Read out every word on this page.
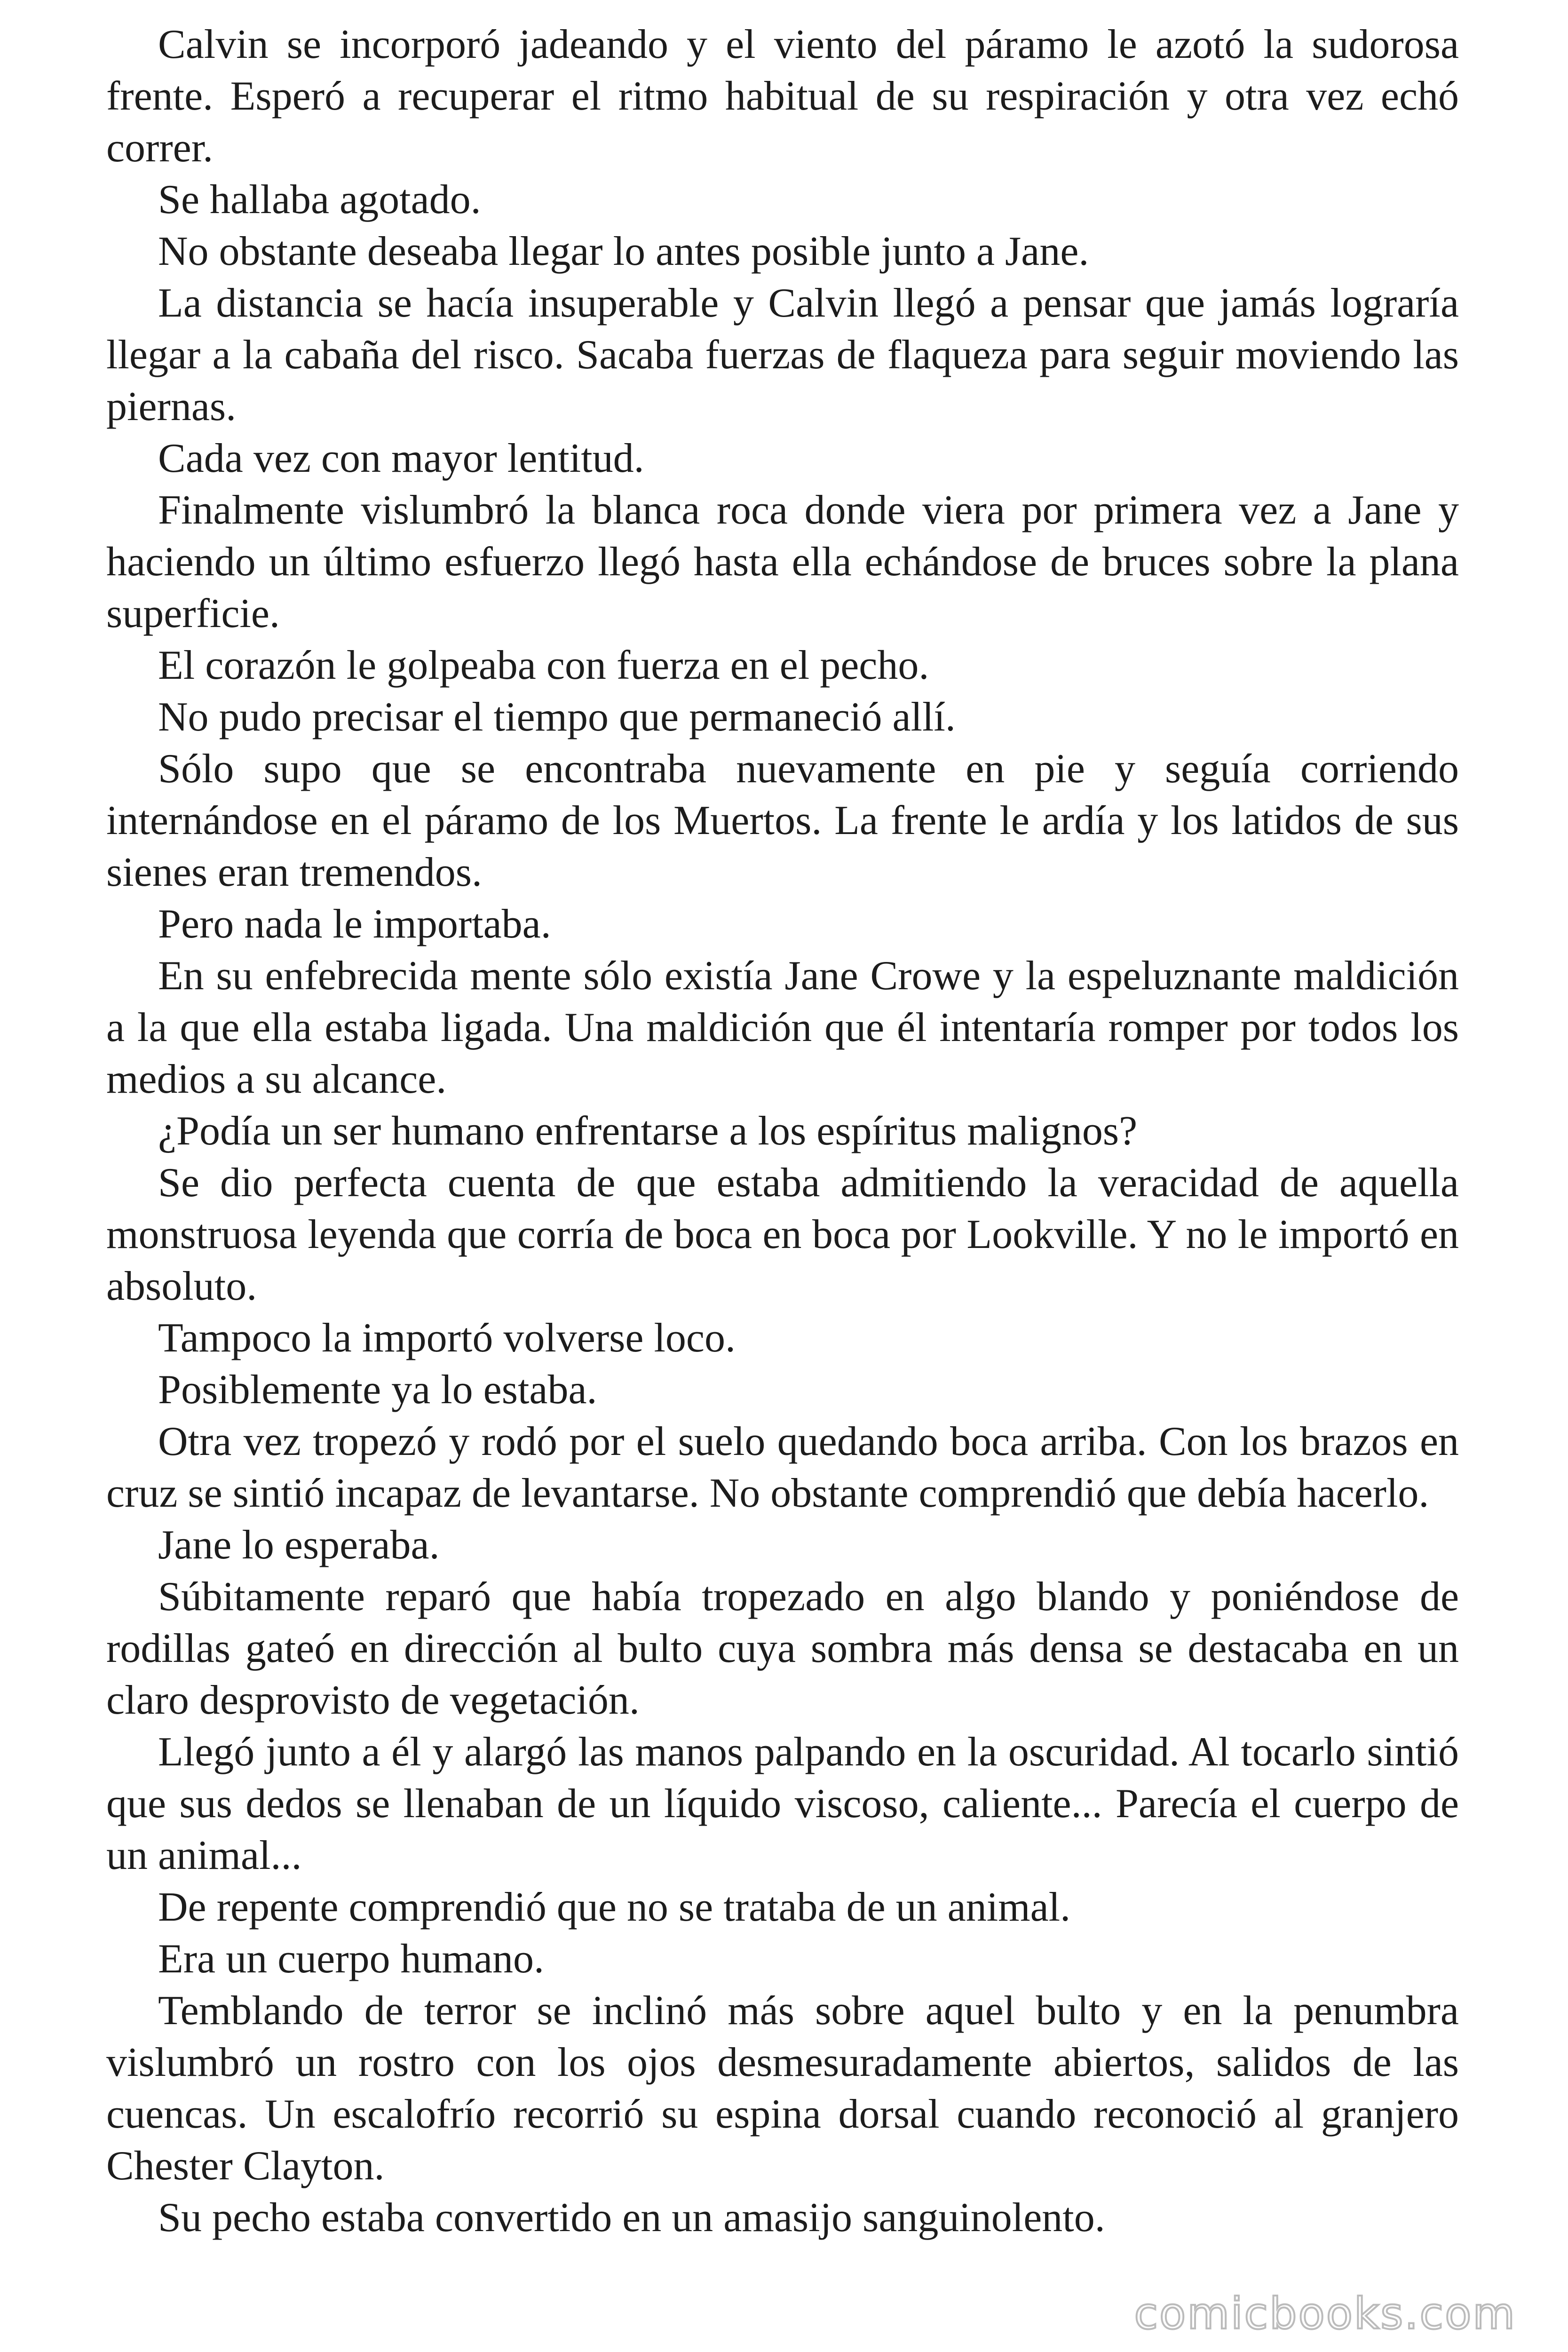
Calvin se incorporó jadeando y el viento del páramo le azotó la sudorosa frente. Esperó a recuperar el ritmo habitual de su respiración y otra vez echó correr.

Se hallaba agotado.

No obstante deseaba llegar lo antes posible junto a Jane.

La distancia se hacía insuperable y Calvin llegó a pensar que jamás lograría llegar a la cabaña del risco. Sacaba fuerzas de flaqueza para seguir moviendo las piernas.

Cada vez con mayor lentitud.

Finalmente vislumbró la blanca roca donde viera por primera vez a Jane y haciendo un último esfuerzo llegó hasta ella echándose de bruces sobre la plana superficie.

El corazón le golpeaba con fuerza en el pecho.

No pudo precisar el tiempo que permaneció allí.

Sólo supo que se encontraba nuevamente en pie y seguía corriendo internándose en el páramo de los Muertos. La frente le ardía y los latidos de sus sienes eran tremendos.

Pero nada le importaba.

En su enfebrecida mente sólo existía Jane Crowe y la espeluznante maldición a la que ella estaba ligada. Una maldición que él intentaría romper por todos los medios a su alcance.

¿Podía un ser humano enfrentarse a los espíritus malignos?

Se dio perfecta cuenta de que estaba admitiendo la veracidad de aquella monstruosa leyenda que corría de boca en boca por Lookville. Y no le importó en absoluto.

Tampoco la importó volverse loco.

Posiblemente ya lo estaba.

Otra vez tropezó y rodó por el suelo quedando boca arriba. Con los brazos en cruz se sintió incapaz de levantarse. No obstante comprendió que debía hacerlo.

Jane lo esperaba.

Súbitamente reparó que había tropezado en algo blando y poniéndose de rodillas gateó en dirección al bulto cuya sombra más densa se destacaba en un claro desprovisto de vegetación.

Llegó junto a él y alargó las manos palpando en la oscuridad. Al tocarlo sintió que sus dedos se llenaban de un líquido viscoso, caliente... Parecía el cuerpo de un animal...

De repente comprendió que no se trataba de un animal.

Era un cuerpo humano.

Temblando de terror se inclinó más sobre aquel bulto y en la penumbra vislumbró un rostro con los ojos desmesuradamente abiertos, salidos de las cuencas. Un escalofrío recorrió su espina dorsal cuando reconoció al granjero Chester Clayton.

Su pecho estaba convertido en un amasijo sanguinolento.

comicbooks.com
